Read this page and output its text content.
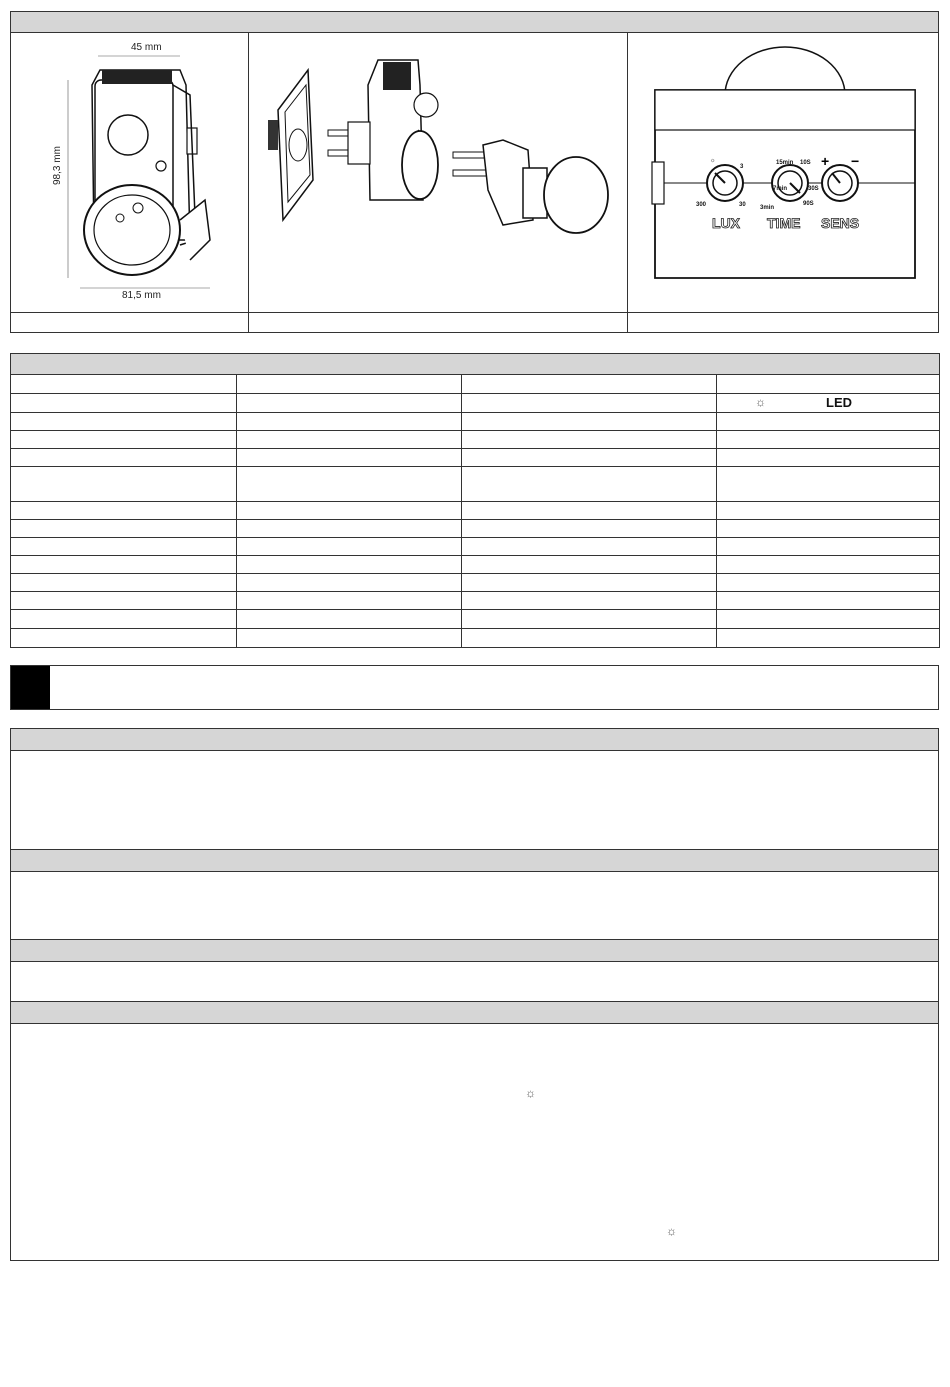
45 mm
98,3 mm
81,5 mm
☼
3
300	30
15min 10S
7min
3min
90S
30S
+ −
LUX TIME SENS
☼	LED
☼
☼
